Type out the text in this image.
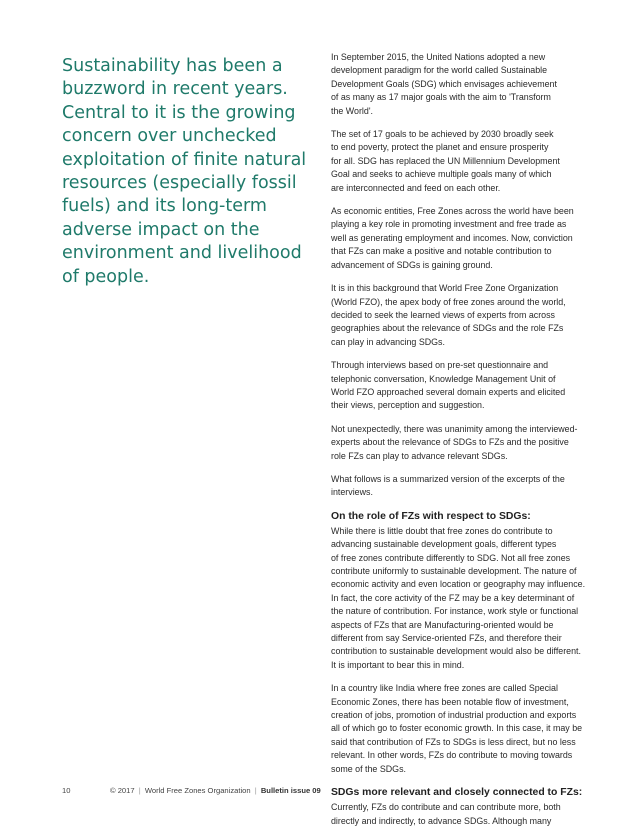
Sustainability has been a
buzzword in recent years.
Central to it is the growing
concern over unchecked
exploitation of finite natural
resources (especially fossil
fuels) and its long-term
adverse impact on the
environment and livelihood
of people.

In September 2015, the United Nations adopted a new
development paradigm for the world called Sustainable
Development Goals (SDG) which envisages achievement
of as many as 17 major goals with the aim to 'Transform
the World'.

The set of 17 goals to be achieved by 2030 broadly seek
to end poverty, protect the planet and ensure prosperity
for all. SDG has replaced the UN Millennium Development
Goal and seeks to achieve multiple goals many of which
are interconnected and feed on each other.

As economic entities, Free Zones across the world have been
playing a key role in promoting investment and free trade as
well as generating employment and incomes. Now, conviction
that FZs can make a positive and notable contribution to
advancement of SDGs is gaining ground.

It is in this background that World Free Zone Organization
(World FZO), the apex body of free zones around the world,
decided to seek the learned views of experts from across
geographies about the relevance of SDGs and the role FZs
can play in advancing SDGs.

Through interviews based on pre-set questionnaire and
telephonic conversation, Knowledge Management Unit of
World FZO approached several domain experts and elicited
their views, perception and suggestion.

Not unexpectedly, there was unanimity among the interviewed-
experts about the relevance of SDGs to FZs and the positive
role FZs can play to advance relevant SDGs.

What follows is a summarized version of the excerpts of the
interviews.

On the role of FZs with respect to SDGs:

While there is little doubt that free zones do contribute to
advancing sustainable development goals, different types
of free zones contribute differently to SDG. Not all free zones
contribute uniformly to sustainable development. The nature of
economic activity and even location or geography may influence.
In fact, the core activity of the FZ may be a key determinant of
the nature of contribution. For instance, work style or functional
aspects of FZs that are Manufacturing-oriented would be
different from say Service-oriented FZs, and therefore their
contribution to sustainable development would also be different.
It is important to bear this in mind.

In a country like India where free zones are called Special
Economic Zones, there has been notable flow of investment,
creation of jobs, promotion of industrial production and exports
all of which go to foster economic growth. In this case, it may be
said that contribution of FZs to SDGs is less direct, but no less
relevant. In other words, FZs do contribute to moving towards
some of the SDGs.

SDGs more relevant and closely connected to FZs:

Currently, FZs do contribute and can contribute more, both
directly and indirectly, to advance SDGs. Although many

10	© 2017 | World Free Zones Organization | Bulletin issue 09
